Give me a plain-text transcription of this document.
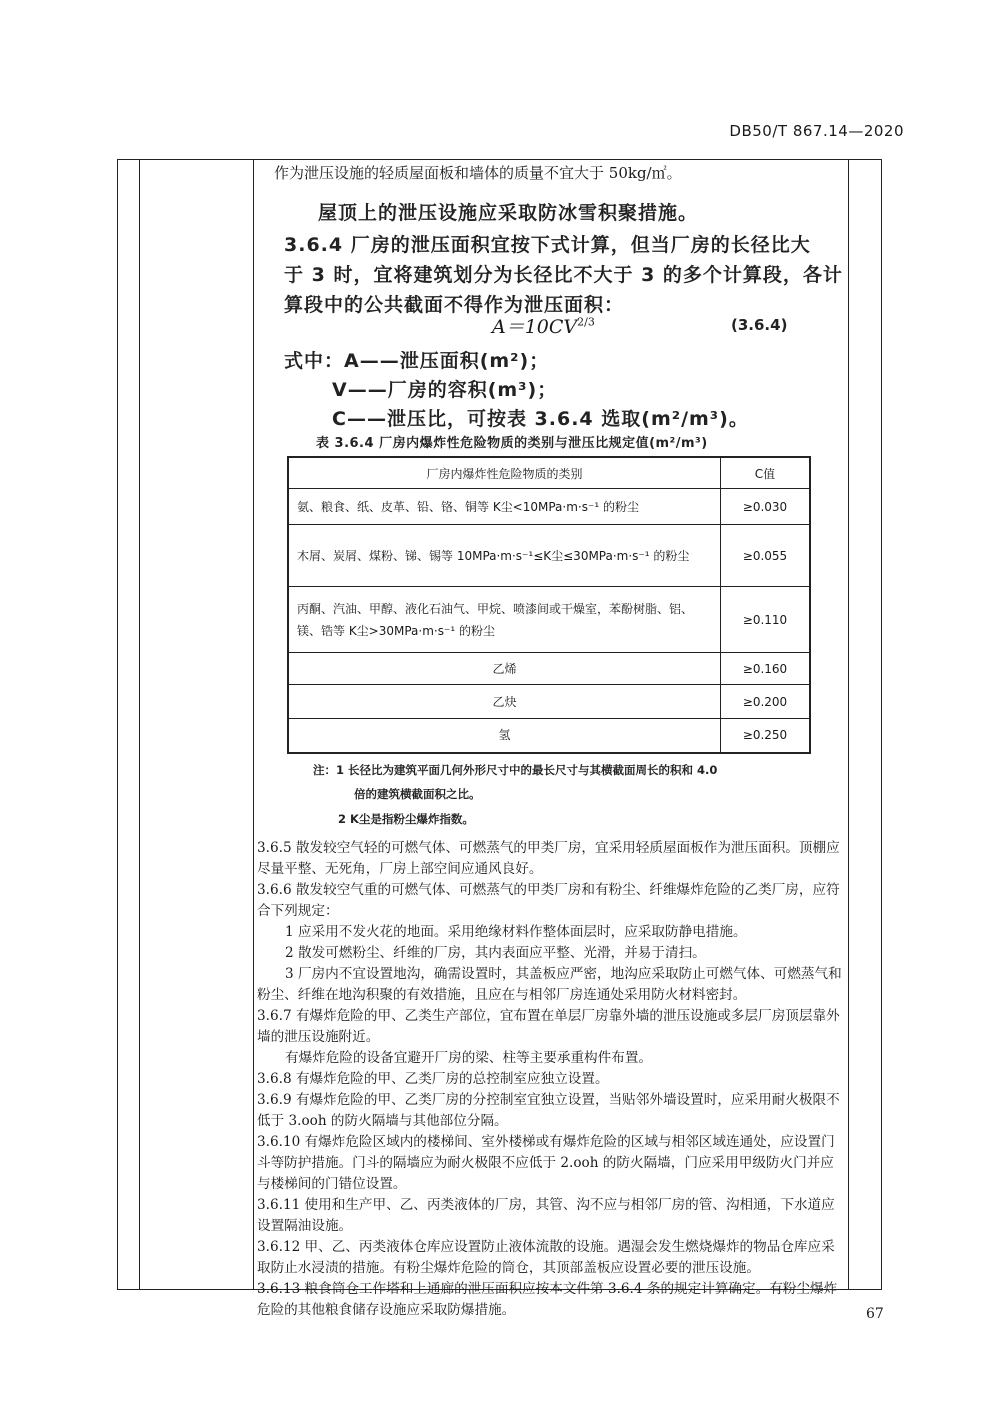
DB50/T 867.14—2020
作为泄压设施的轻质屋面板和墙体的质量不宜大于 50kg/㎡。
屋顶上的泄压设施应采取防冰雪积聚措施。
3.6.4 厂房的泄压面积宜按下式计算，但当厂房的长径比大
于 3 时，宜将建筑划分为长径比不大于 3 的多个计算段，各计
算段中的公共截面不得作为泄压面积：
$A=10CV^{2/3}$	(3.6.4)
式中：A——泄压面积(m²)；
V——厂房的容积(m³)；
C——泄压比，可按表 3.6.4 选取(m²/m³)。
表 3.6.4 厂房内爆炸性危险物质的类别与泄压比规定值(m²/m³)
厂房内爆炸性危险物质的类别	C值
氨、粮食、纸、皮革、铅、铬、铜等 K尘<10MPa·m·s⁻¹ 的粉尘	≥0.030
木屑、炭屑、煤粉、锑、锡等 10MPa·m·s⁻¹≤K尘≤30MPa·m·s⁻¹ 的粉尘	≥0.055
丙酮、汽油、甲醇、液化石油气、甲烷、喷漆间或干燥室，苯酚树脂、铝、镁、锆等 K尘>30MPa·m·s⁻¹ 的粉尘	≥0.110
乙烯	≥0.160
乙炔	≥0.200
氢	≥0.250
注：1 长径比为建筑平面几何外形尺寸中的最长尺寸与其横截面周长的积和 4.0
倍的建筑横截面积之比。
2 K尘是指粉尘爆炸指数。
3.6.5 散发较空气轻的可燃气体、可燃蒸气的甲类厂房，宜采用轻质屋面板作为泄压面积。顶棚应尽量平整、无死角，厂房上部空间应通风良好。
3.6.6 散发较空气重的可燃气体、可燃蒸气的甲类厂房和有粉尘、纤维爆炸危险的乙类厂房，应符合下列规定：
1 应采用不发火花的地面。采用绝缘材料作整体面层时，应采取防静电措施。
2 散发可燃粉尘、纤维的厂房，其内表面应平整、光滑，并易于清扫。
3 厂房内不宜设置地沟，确需设置时，其盖板应严密，地沟应采取防止可燃气体、可燃蒸气和粉尘、纤维在地沟积聚的有效措施，且应在与相邻厂房连通处采用防火材料密封。
3.6.7 有爆炸危险的甲、乙类生产部位，宜布置在单层厂房靠外墙的泄压设施或多层厂房顶层靠外墙的泄压设施附近。
有爆炸危险的设备宜避开厂房的梁、柱等主要承重构件布置。
3.6.8 有爆炸危险的甲、乙类厂房的总控制室应独立设置。
3.6.9 有爆炸危险的甲、乙类厂房的分控制室宜独立设置，当贴邻外墙设置时，应采用耐火极限不低于 3.ooh 的防火隔墙与其他部位分隔。
3.6.10 有爆炸危险区域内的楼梯间、室外楼梯或有爆炸危险的区域与相邻区域连通处，应设置门斗等防护措施。门斗的隔墙应为耐火极限不应低于 2.ooh 的防火隔墙，门应采用甲级防火门并应与楼梯间的门错位设置。
3.6.11 使用和生产甲、乙、丙类液体的厂房，其管、沟不应与相邻厂房的管、沟相通，下水道应设置隔油设施。
3.6.12 甲、乙、丙类液体仓库应设置防止液体流散的设施。遇湿会发生燃烧爆炸的物品仓库应采取防止水浸渍的措施。有粉尘爆炸危险的筒仓，其顶部盖板应设置必要的泄压设施。
3.6.13 粮食筒仓工作塔和上通廊的泄压面积应按本文件第 3.6.4 条的规定计算确定。有粉尘爆炸危险的其他粮食储存设施应采取防爆措施。	67
